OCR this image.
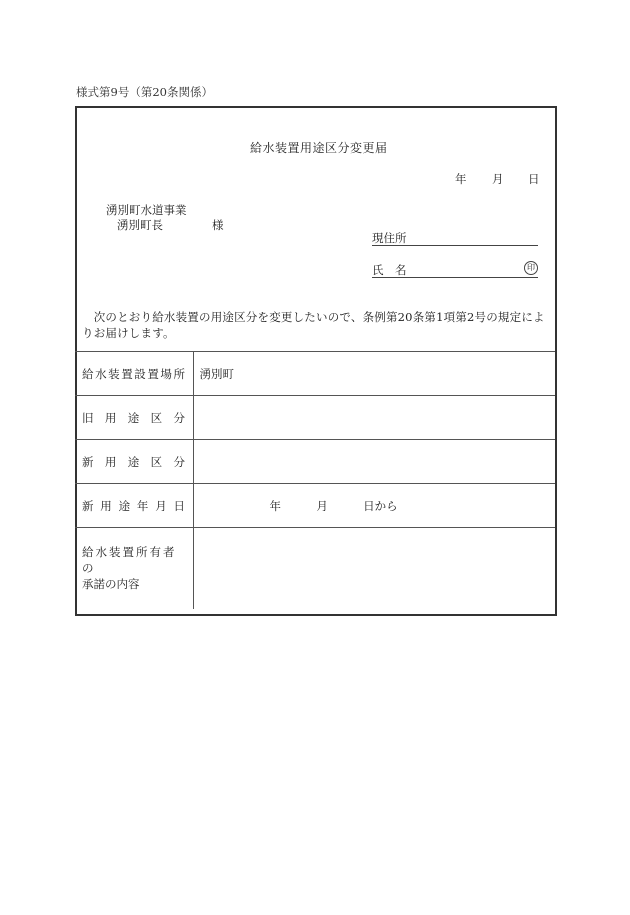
様式第9号（第20条関係）
給水装置用途区分変更届
年 月 日
湧別町水道事業
湧別町長	様
現住所
氏　名	印
　次のとおり給水装置の用途区分を変更したいので、条例第20条第1項第2号の規定によりお届けします。
給 水 装 置 設 置 場 所	湧別町

旧 用 途 区 分	

新 用 途 区 分	

新 用 途 年 月 日	年	月	日から

給水装置所有者の
承諾の内容	
